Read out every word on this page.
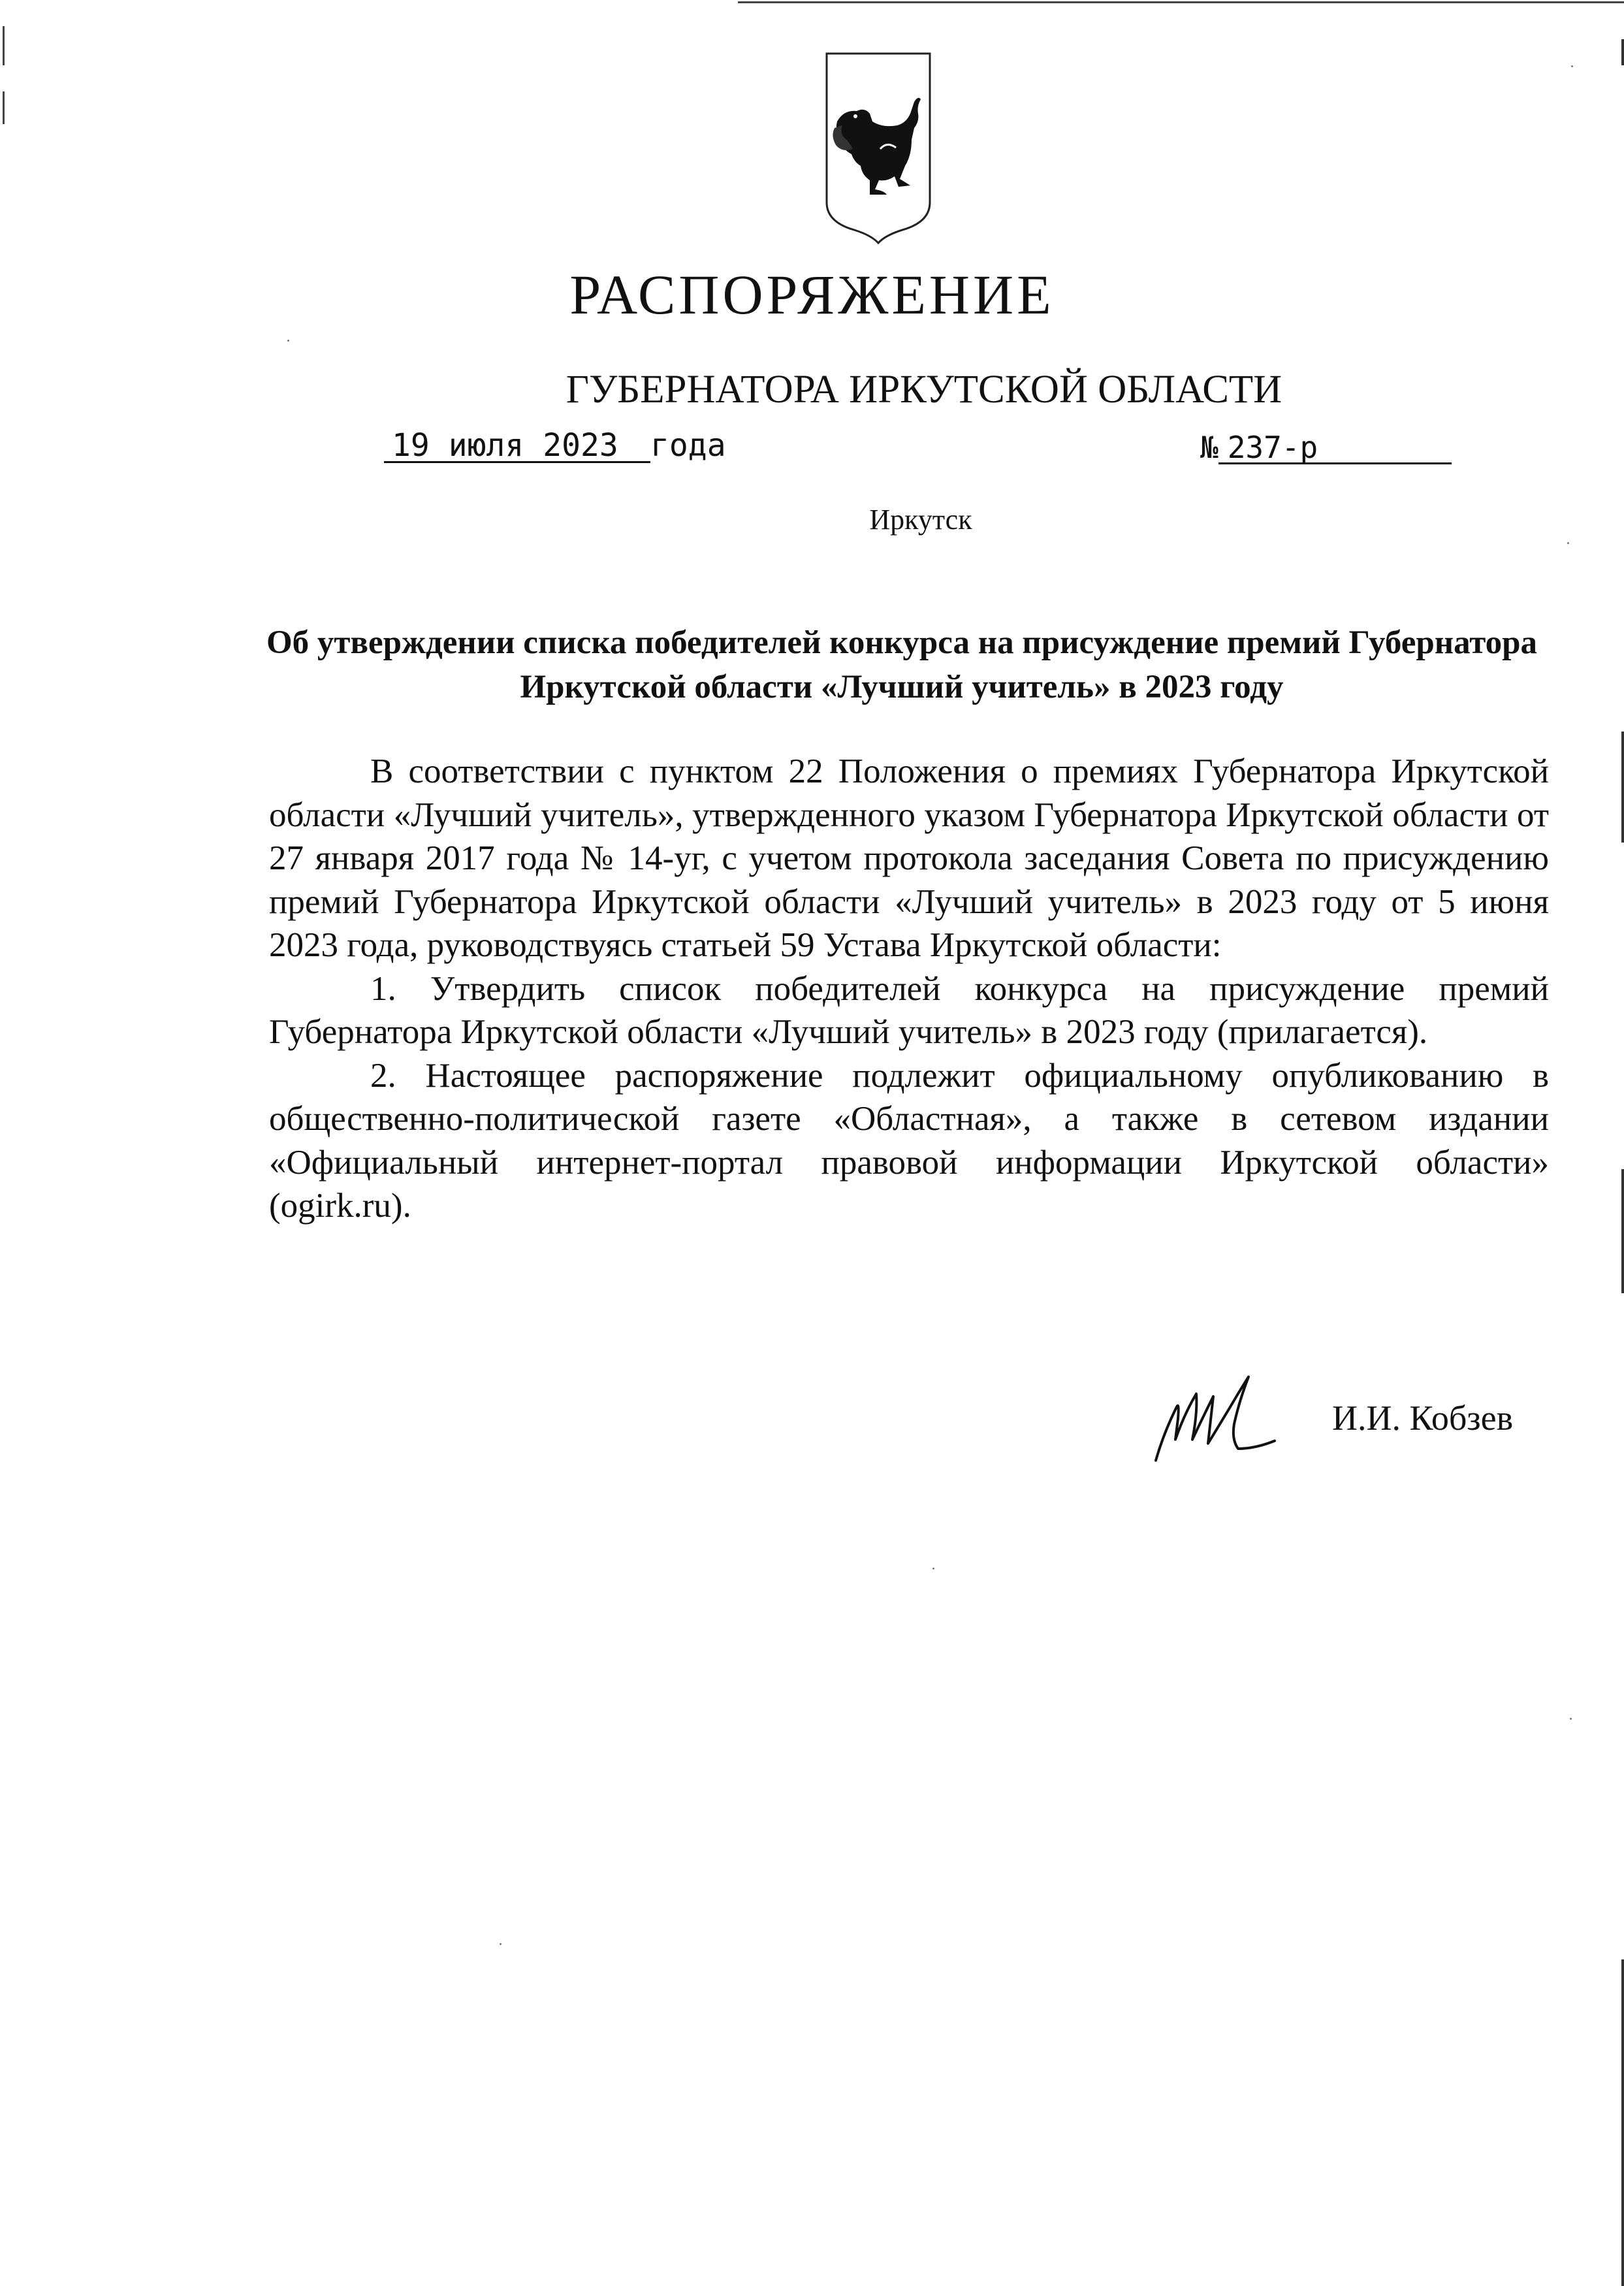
РАСПОРЯЖЕНИЕ
ГУБЕРНАТОРА ИРКУТСКОЙ ОБЛАСТИ
19 июля 2023 года	№ 237-р
Иркутск
Об утверждении списка победителей конкурса на присуждение премий Губернатора Иркутской области «Лучший учитель» в 2023 году

В соответствии с пунктом 22 Положения о премиях Губернатора Иркутской области «Лучший учитель», утвержденного указом Губернатора Иркутской области от 27 января 2017 года № 14-уг, с учетом протокола заседания Совета по присуждению премий Губернатора Иркутской области «Лучший учитель» в 2023 году от 5 июня 2023 года, руководствуясь статьей 59 Устава Иркутской области:

1. Утвердить список победителей конкурса на присуждение премий Губернатора Иркутской области «Лучший учитель» в 2023 году (прилагается).

2. Настоящее распоряжение подлежит официальному опубликованию в общественно-политической газете «Областная», а также в сетевом издании «Официальный интернет-портал правовой информации Иркутской области» (ogirk.ru).

И.И. Кобзев
